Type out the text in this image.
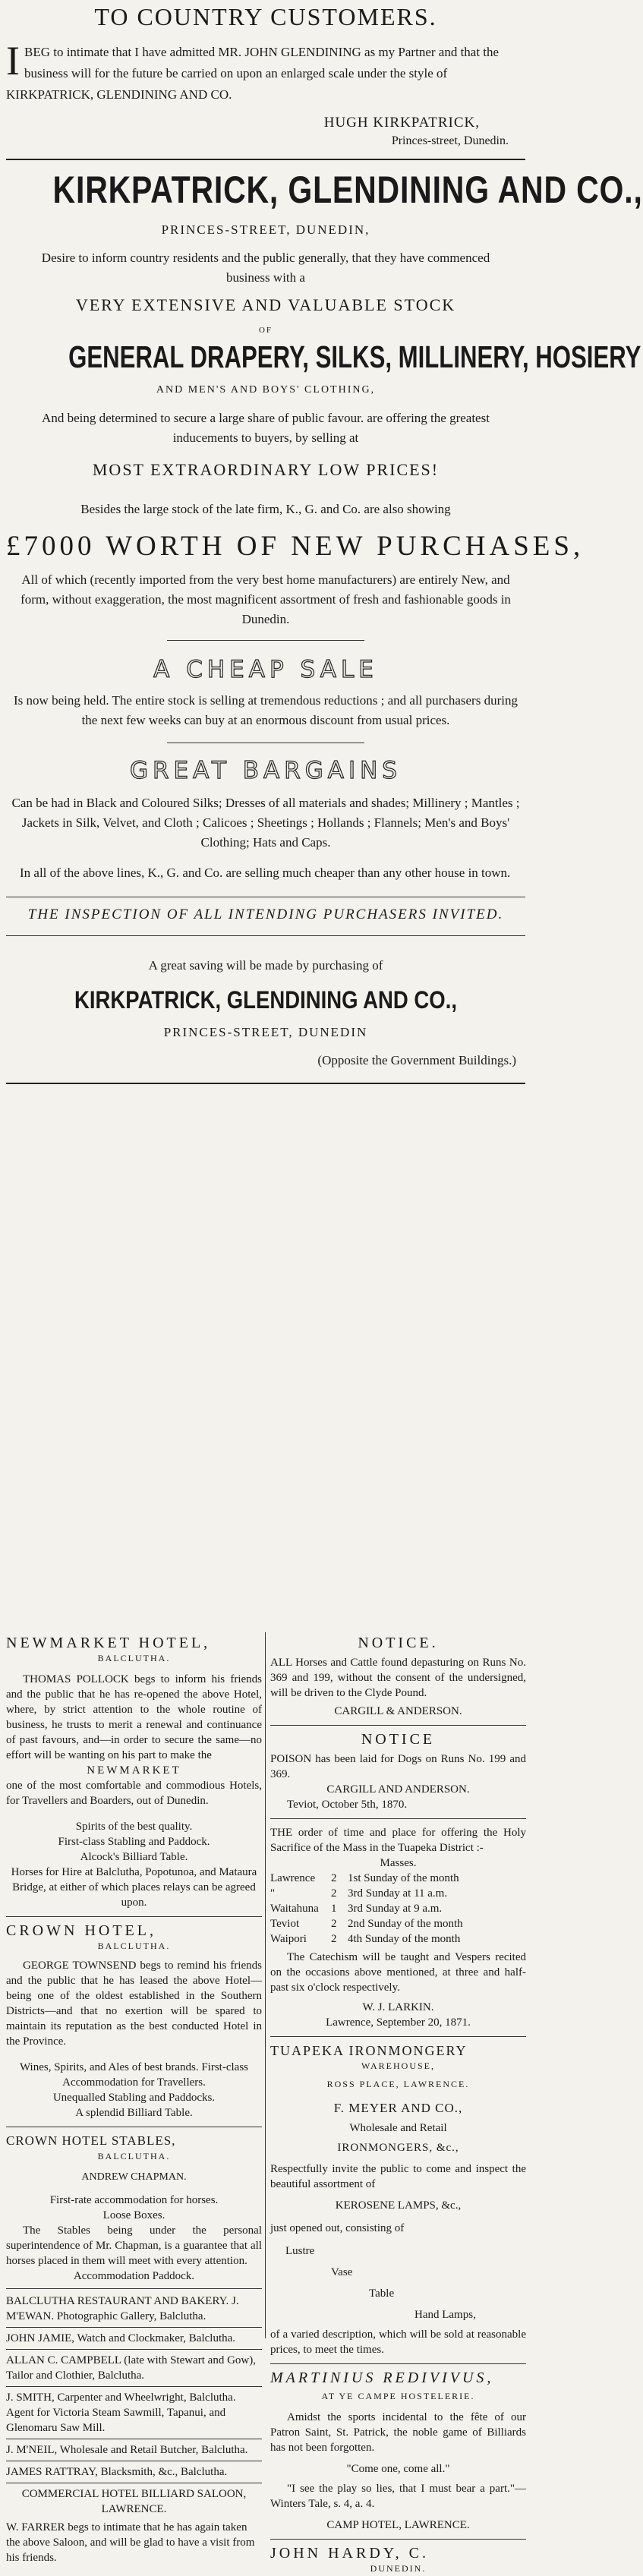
TO COUNTRY CUSTOMERS.

I BEG to intimate that I have admitted MR. JOHN GLENDINING as my Partner and that the business will for the future be carried on upon an enlarged scale under the style of KIRKPATRICK, GLENDINING AND CO.

HUGH KIRKPATRICK,

Princes-street, Dunedin.

KIRKPATRICK, GLENDINING AND CO.,

PRINCES-STREET, DUNEDIN,

Desire to inform country residents and the public generally, that they have commenced business with a

VERY EXTENSIVE AND VALUABLE STOCK

OF

GENERAL DRAPERY, SILKS, MILLINERY, HOSIERY

AND MEN'S AND BOYS' CLOTHING,

And being determined to secure a large share of public favour. are offering the greatest inducements to buyers, by selling at

MOST EXTRAORDINARY LOW PRICES!

Besides the large stock of the late firm, K., G. and Co. are also showing

£7000 WORTH OF NEW PURCHASES,

All of which (recently imported from the very best home manufacturers) are entirely New, and form, without exaggeration, the most magnificent assortment of fresh and fashionable goods in Dunedin.

A CHEAP SALE

Is now being held. The entire stock is selling at tremendous reductions ; and all purchasers during the next few weeks can buy at an enormous discount from usual prices.

GREAT BARGAINS

Can be had in Black and Coloured Silks; Dresses of all materials and shades; Millinery ; Mantles ; Jackets in Silk, Velvet, and Cloth ; Calicoes ; Sheetings ; Hollands ; Flannels; Men's and Boys' Clothing; Hats and Caps.

In all of the above lines, K., G. and Co. are selling much cheaper than any other house in town.

THE INSPECTION OF ALL INTENDING PURCHASERS INVITED.

A great saving will be made by purchasing of

KIRKPATRICK, GLENDINING AND CO.,

PRINCES-STREET, DUNEDIN

(Opposite the Government Buildings.)

NEWMARKET HOTEL,

BALCLUTHA.

THOMAS POLLOCK begs to inform his friends and the public that he has re-opened the above Hotel, where, by strict attention to the whole routine of business, he trusts to merit a renewal and continuance of past favours, and—in order to secure the same—no effort will be wanting on his part to make the

NEWMARKET

one of the most comfortable and commodious Hotels, for Travellers and Boarders, out of Dunedin.

Spirits of the best quality.

First-class Stabling and Paddock.

Alcock's Billiard Table.

Horses for Hire at Balclutha, Popotunoa, and Mataura Bridge, at either of which places relays can be agreed upon.

CROWN HOTEL,

BALCLUTHA.

GEORGE TOWNSEND begs to remind his friends and the public that he has leased the above Hotel—being one of the oldest established in the Southern Districts—and that no exertion will be spared to maintain its reputation as the best conducted Hotel in the Province.

Wines, Spirits, and Ales of best brands. First-class Accommodation for Travellers.

Unequalled Stabling and Paddocks.

A splendid Billiard Table.

CROWN HOTEL STABLES,

BALCLUTHA.

ANDREW CHAPMAN.

First-rate accommodation for horses.

Loose Boxes.

The Stables being under the personal superintendence of Mr. Chapman, is a guarantee that all horses placed in them will meet with every attention.

Accommodation Paddock.

BALCLUTHA RESTAURANT AND BAKERY. J. M'EWAN. Photographic Gallery, Balclutha.

JOHN JAMIE, Watch and Clockmaker, Balclutha.

ALLAN C. CAMPBELL (late with Stewart and Gow), Tailor and Clothier, Balclutha.

J. SMITH, Carpenter and Wheelwright, Balclutha. Agent for Victoria Steam Sawmill, Tapanui, and Glenomaru Saw Mill.

J. M'NEIL, Wholesale and Retail Butcher, Balclutha.

JAMES RATTRAY, Blacksmith, &c., Balclutha.

COMMERCIAL HOTEL BILLIARD SALOON, LAWRENCE.

W. FARRER begs to intimate that he has again taken the above Saloon, and will be glad to have a visit from his friends.

NOTICE.

ALL Horses and Cattle found depasturing on Runs No. 369 and 199, without the consent of the undersigned, will be driven to the Clyde Pound.

CARGILL & ANDERSON.

NOTICE

POISON has been laid for Dogs on Runs No. 199 and 369.

CARGILL AND ANDERSON.

Teviot, October 5th, 1870.

THE order of time and place for offering the Holy Sacrifice of the Mass in the Tuapeka District :-

Masses.

Lawrence 2 1st Sunday of the month
"	2 3rd Sunday at 11 a.m.
Waitahuna 1 3rd Sunday at 9 a.m.
Teviot	2 2nd Sunday of the month
Waipori 2 4th Sunday of the month

The Catechism will be taught and Vespers recited on the occasions above mentioned, at three and half-past six o'clock respectively.

W. J. LARKIN.

Lawrence, September 20, 1871.

TUAPEKA IRONMONGERY

WAREHOUSE,

ROSS PLACE, LAWRENCE.

F. MEYER AND CO.,

Wholesale and Retail

IRONMONGERS, &c.,

Respectfully invite the public to come and inspect the beautiful assortment of

KEROSENE LAMPS, &c.,

just opened out, consisting of

Lustre

Vase

Table

Hand Lamps,

of a varied description, which will be sold at reasonable prices, to meet the times.

MARTINIUS REDIVIVUS,

AT YE CAMPE HOSTELERIE.

Amidst the sports incidental to the fête of our Patron Saint, St. Patrick, the noble game of Billiards has not been forgotten.

"Come one, come all."

"I see the play so lies, that I must bear a part."—Winters Tale, s. 4, a. 4.

CAMP HOTEL, LAWRENCE.

JOHN HARDY, C.

DUNEDIN.
